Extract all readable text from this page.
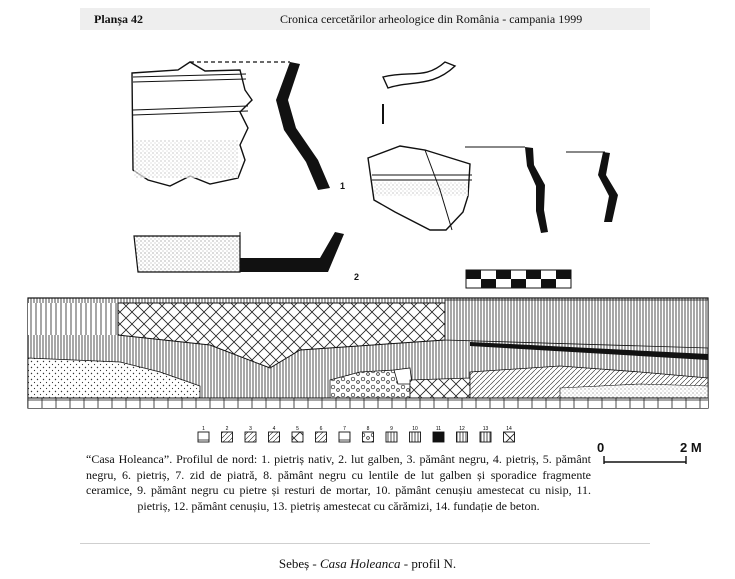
Planșa 42	Cronica cercetărilor arheologice din România - campania 1999
1	2	3	4	5	6	7	8	9	10	11	12	13	14
1
2
“Casa Holeanca”. Profilul de nord: 1. pietriș nativ, 2. lut galben, 3. pământ negru, 4. pietriș, 5. pământ negru, 6. pietriș, 7. zid de piatră, 8. pământ negru cu lentile de lut galben și sporadice fragmente ceramice, 9. pământ negru cu pietre și resturi de mortar, 10. pământ cenușiu amestecat cu nisip, 11. pietriș, 12. pământ cenușiu, 13. pietriș amestecat cu cărămizi, 14. fundație de beton.
0	2 M
Sebeș - Casa Holeanca - profil N.
